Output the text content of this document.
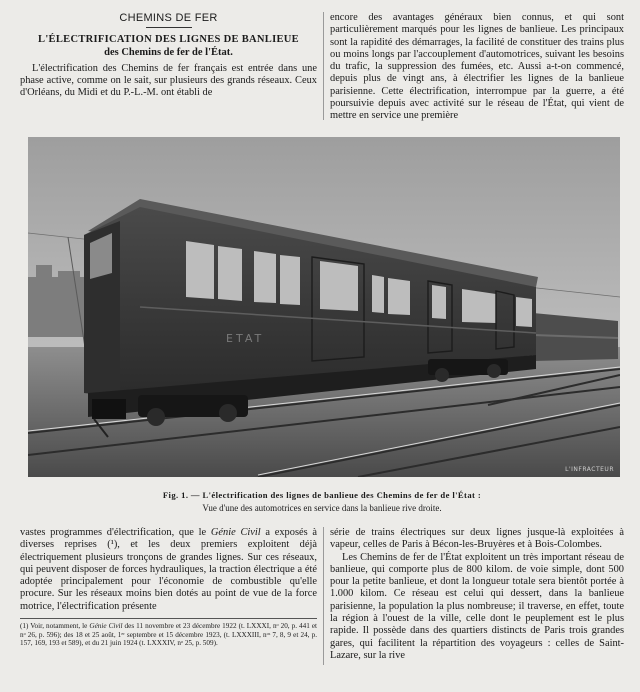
CHEMINS DE FER
L'ÉLECTRIFICATION DES LIGNES DE BANLIEUE
des Chemins de fer de l'État.

L'électrification des Chemins de fer français est entrée dans une phase active, comme on le sait, sur plusieurs des grands réseaux. Ceux d'Orléans, du Midi et du P.-L.-M. ont établi de

encore des avantages généraux bien connus, et qui sont particulièrement marqués pour les lignes de banlieue. Les principaux sont la rapidité des démarrages, la facilité de constituer des trains plus ou moins longs par l'accouplement d'automotrices, suivant les besoins du trafic, la suppression des fumées, etc. Aussi a-t-on commencé, depuis plus de vingt ans, à électrifier les lignes de la banlieue parisienne. Cette électrification, interrompue par la guerre, a été poursuivie depuis avec activité sur le réseau de l'État, qui vient de mettre en service une première

ETAT
L'INFRACTEUR
Fig. 1. — L'électrification des lignes de banlieue des Chemins de fer de l'État :
Vue d'une des automotrices en service dans la banlieue rive droite.

vastes programmes d'électrification, que le Génie Civil a exposés à diverses reprises (¹), et les deux premiers exploitent déjà électriquement plusieurs tronçons de grandes lignes. Sur ces réseaux, qui peuvent disposer de forces hydrauliques, la traction électrique a été adoptée principalement pour l'économie de combustible qu'elle procure. Sur les réseaux moins bien dotés au point de vue de la force motrice, l'électrification présente

(1) Voir, notamment, le Génie Civil des 11 novembre et 23 décembre 1922 (t. LXXXI, nᵒ 20, p. 441 et nᵒ 26, p. 596); des 18 et 25 août, 1ᵉʳ septembre et 15 décembre 1923, (t. LXXXIII, nᵒˢ 7, 8, 9 et 24, p. 157, 169, 193 et 589), et du 21 juin 1924 (t. LXXXIV, nᵒ 25, p. 509).

série de trains électriques sur deux lignes jusque-là exploitées à vapeur, celles de Paris à Bécon-les-Bruyères et à Bois-Colombes.

Les Chemins de fer de l'État exploitent un très important réseau de banlieue, qui comporte plus de 800 kilom. de voie simple, dont 500 pour la petite banlieue, et dont la longueur totale sera bientôt portée à 1.000 kilom. Ce réseau est celui qui dessert, dans la banlieue parisienne, la population la plus nombreuse; il traverse, en effet, toute la région à l'ouest de la ville, celle dont le peuplement est le plus rapide. Il possède dans des quartiers distincts de Paris trois grandes gares, qui facilitent la répartition des voyageurs : celles de Saint-Lazare, sur la rive
